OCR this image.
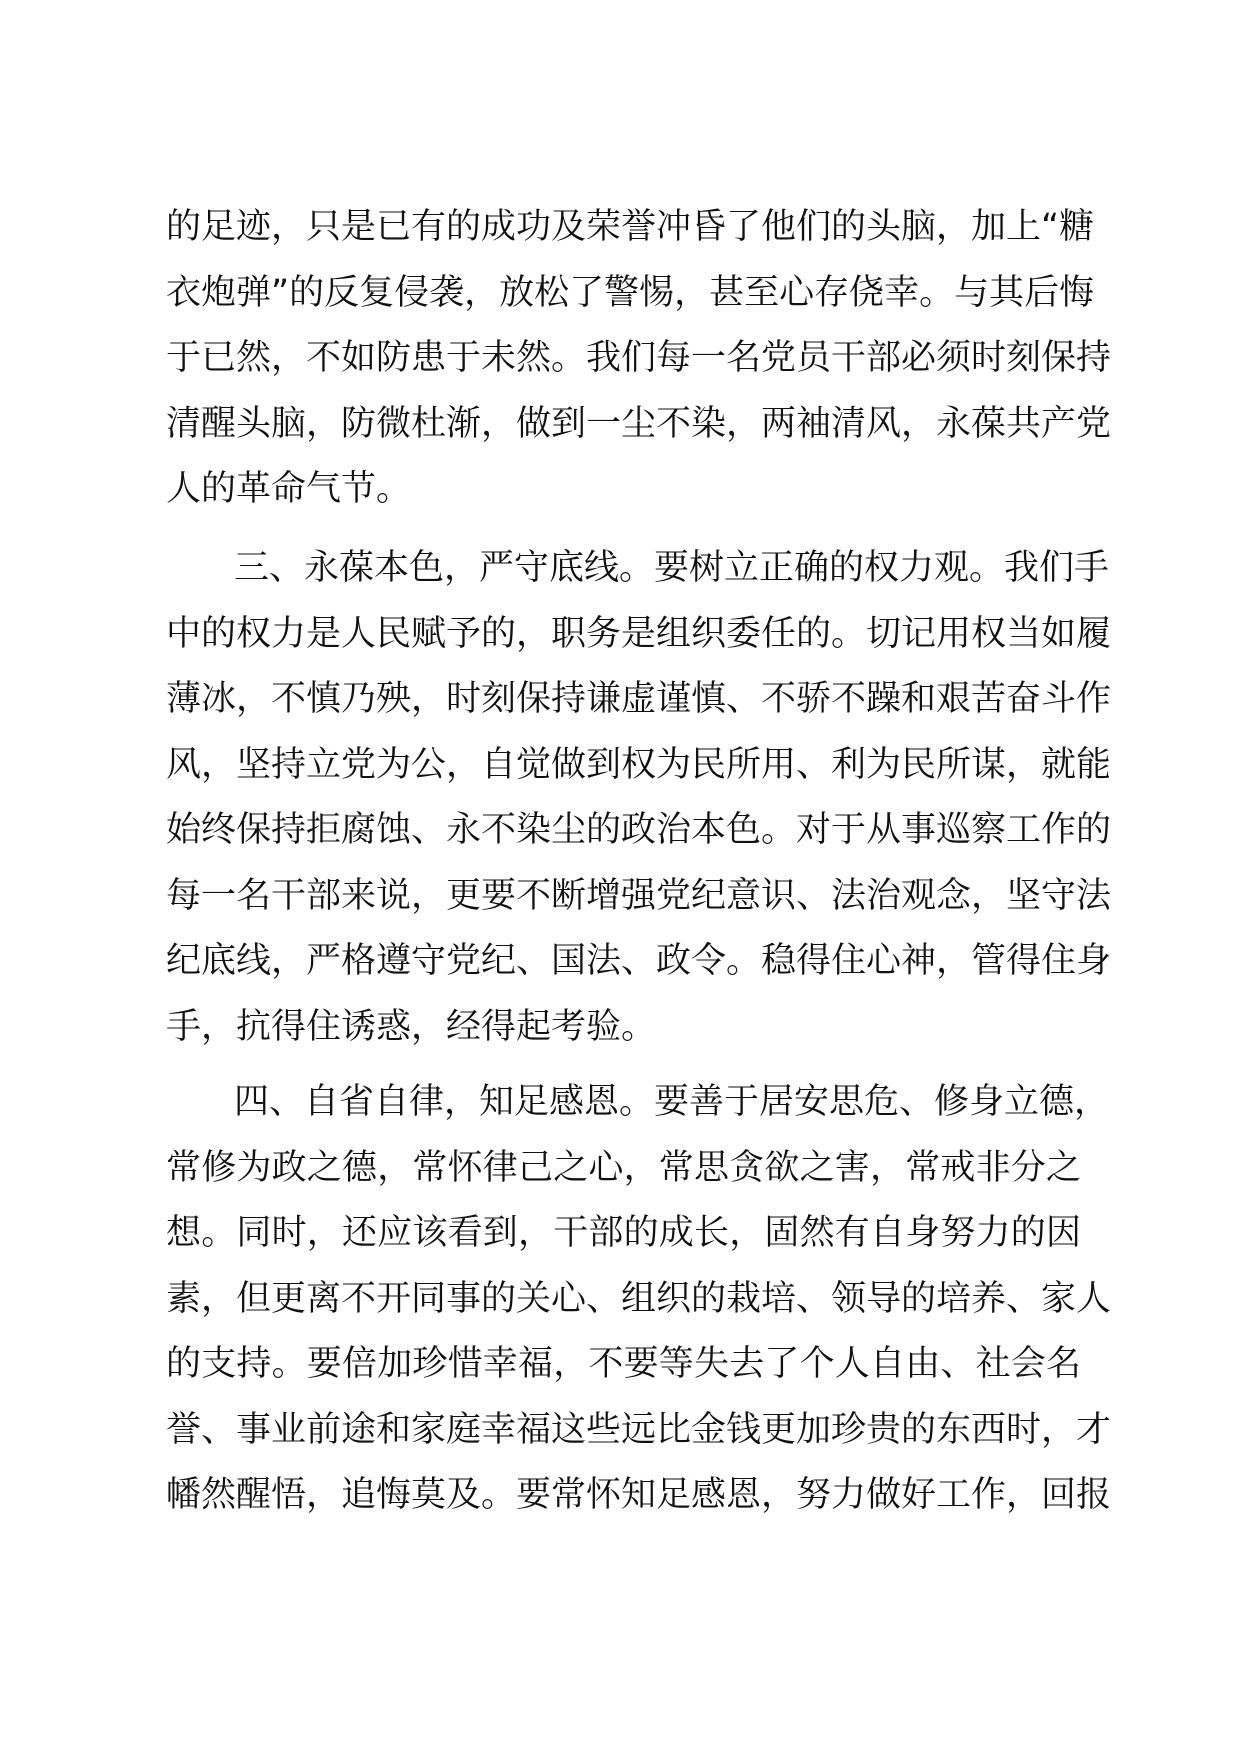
的足迹，只是已有的成功及荣誉冲昏了他们的头脑，加上“糖
衣炮弹”的反复侵袭，放松了警惕，甚至心存侥幸。与其后悔
于已然，不如防患于未然。我们每一名党员干部必须时刻保持
清醒头脑，防微杜渐，做到一尘不染，两袖清风，永葆共产党
人的革命气节。
三、永葆本色，严守底线。要树立正确的权力观。我们手
中的权力是人民赋予的，职务是组织委任的。切记用权当如履
薄冰，不慎乃殃，时刻保持谦虚谨慎、不骄不躁和艰苦奋斗作
风，坚持立党为公，自觉做到权为民所用、利为民所谋，就能
始终保持拒腐蚀、永不染尘的政治本色。对于从事巡察工作的
每一名干部来说，更要不断增强党纪意识、法治观念，坚守法
纪底线，严格遵守党纪、国法、政令。稳得住心神，管得住身
手，抗得住诱惑，经得起考验。
四、自省自律，知足感恩。要善于居安思危、修身立德，
常修为政之德，常怀律己之心，常思贪欲之害，常戒非分之
想。同时，还应该看到，干部的成长，固然有自身努力的因
素，但更离不开同事的关心、组织的栽培、领导的培养、家人
的支持。要倍加珍惜幸福，不要等失去了个人自由、社会名
誉、事业前途和家庭幸福这些远比金钱更加珍贵的东西时，才
幡然醒悟，追悔莫及。要常怀知足感恩，努力做好工作，回报
